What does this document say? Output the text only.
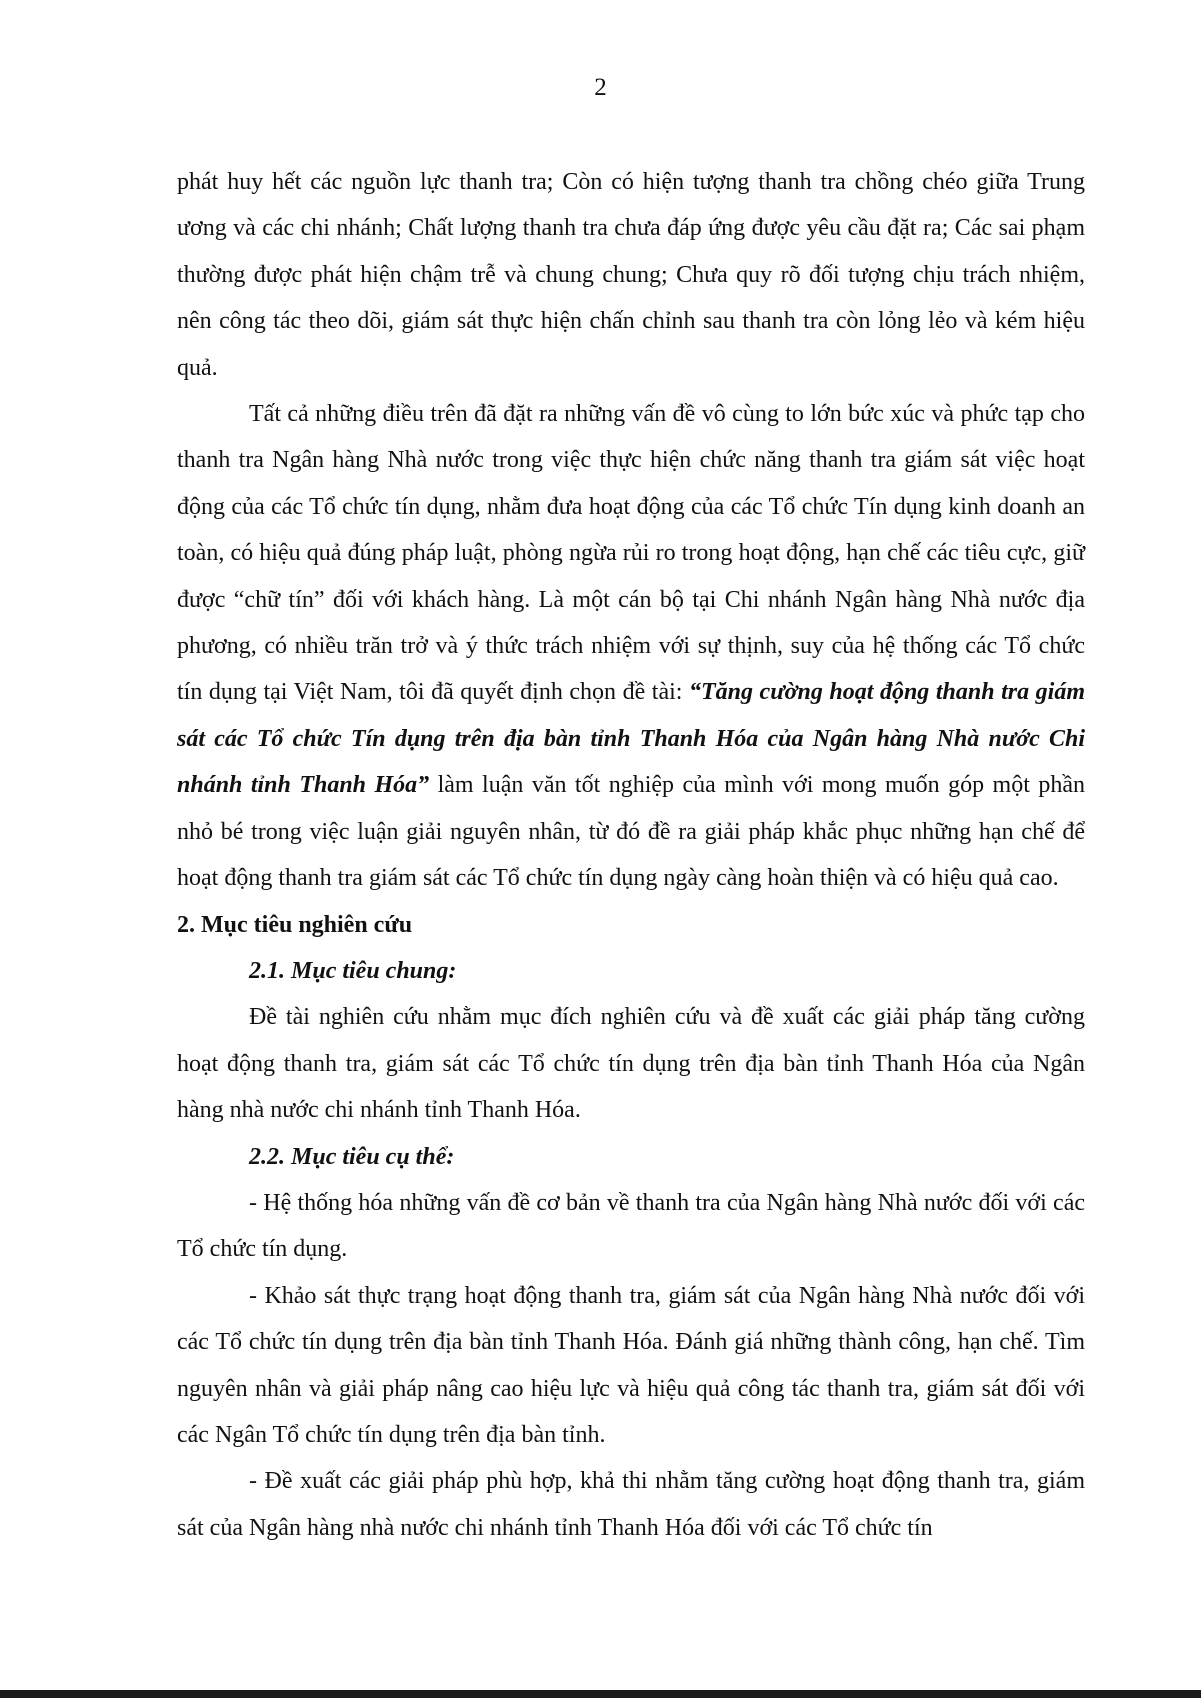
2

phát huy hết các nguồn lực thanh tra; Còn có hiện tượng thanh tra chồng chéo giữa Trung ương và các chi nhánh; Chất lượng thanh tra chưa đáp ứng được yêu cầu đặt ra; Các sai phạm thường được phát hiện chậm trễ và chung chung; Chưa quy rõ đối tượng chịu trách nhiệm, nên công tác theo dõi, giám sát thực hiện chấn chỉnh sau thanh tra còn lỏng lẻo và kém hiệu quả.

Tất cả những điều trên đã đặt ra những vấn đề vô cùng to lớn bức xúc và phức tạp cho thanh tra Ngân hàng Nhà nước trong việc thực hiện chức năng thanh tra giám sát việc hoạt động của các Tổ chức tín dụng, nhằm đưa hoạt động của các Tổ chức Tín dụng kinh doanh an toàn, có hiệu quả đúng pháp luật, phòng ngừa rủi ro trong hoạt động, hạn chế các tiêu cực, giữ được “chữ tín” đối với khách hàng. Là một cán bộ tại Chi nhánh Ngân hàng Nhà nước địa phương, có nhiều trăn trở và ý thức trách nhiệm với sự thịnh, suy của hệ thống các Tổ chức tín dụng tại Việt Nam, tôi đã quyết định chọn đề tài: “Tăng cường hoạt động thanh tra giám sát các Tổ chức Tín dụng trên địa bàn tỉnh Thanh Hóa của Ngân hàng Nhà nước Chi nhánh tỉnh Thanh Hóa” làm luận văn tốt nghiệp của mình với mong muốn góp một phần nhỏ bé trong việc luận giải nguyên nhân, từ đó đề ra giải pháp khắc phục những hạn chế để hoạt động thanh tra giám sát các Tổ chức tín dụng ngày càng hoàn thiện và có hiệu quả cao.

2. Mục tiêu nghiên cứu

2.1. Mục tiêu chung:

Đề tài nghiên cứu nhằm mục đích nghiên cứu và đề xuất các giải pháp tăng cường hoạt động thanh tra, giám sát các Tổ chức tín dụng trên địa bàn tỉnh Thanh Hóa của Ngân hàng nhà nước chi nhánh tỉnh Thanh Hóa.

2.2. Mục tiêu cụ thể:

- Hệ thống hóa những vấn đề cơ bản về thanh tra của Ngân hàng Nhà nước đối với các Tổ chức tín dụng.

- Khảo sát thực trạng hoạt động thanh tra, giám sát của Ngân hàng Nhà nước đối với các Tổ chức tín dụng trên địa bàn tỉnh Thanh Hóa. Đánh giá những thành công, hạn chế. Tìm nguyên nhân và giải pháp nâng cao hiệu lực và hiệu quả công tác thanh tra, giám sát đối với các Ngân Tổ chức tín dụng trên địa bàn tỉnh.

- Đề xuất các giải pháp phù hợp, khả thi nhằm tăng cường hoạt động thanh tra, giám sát của Ngân hàng nhà nước chi nhánh tỉnh Thanh Hóa đối với các Tổ chức tín
